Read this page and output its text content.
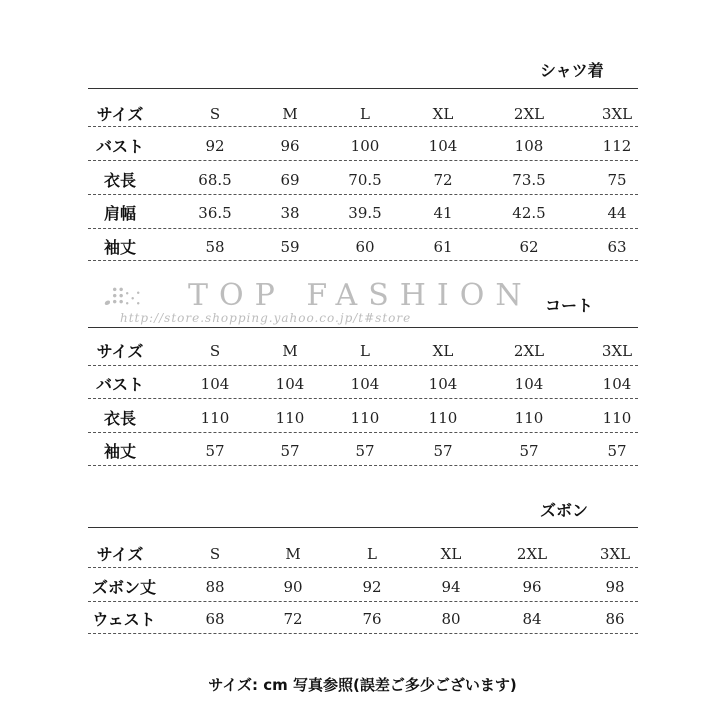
シャツ着
サイズ	S	M	L	XL	2XL	3XL
バスト	92	96	100	104	108	112
衣長	68.5	69	70.5	72	73.5	75
肩幅	36.5	38	39.5	41	42.5	44
袖丈	58	59	60	61	62	63
𝅘 ⠿ ⁙ TOP FASHION
http://store.shopping.yahoo.co.jp/t#store
コート
サイズ	S	M	L	XL	2XL	3XL
バスト	104	104	104	104	104	104
衣長	110	110	110	110	110	110
袖丈	57	57	57	57	57	57
ズボン
サイズ	S	M	L	XL	2XL	3XL
ズボン丈	88	90	92	94	96	98
ウェスト	68	72	76	80	84	86
サイズ: cm 写真参照(誤差ご多少ございます)
